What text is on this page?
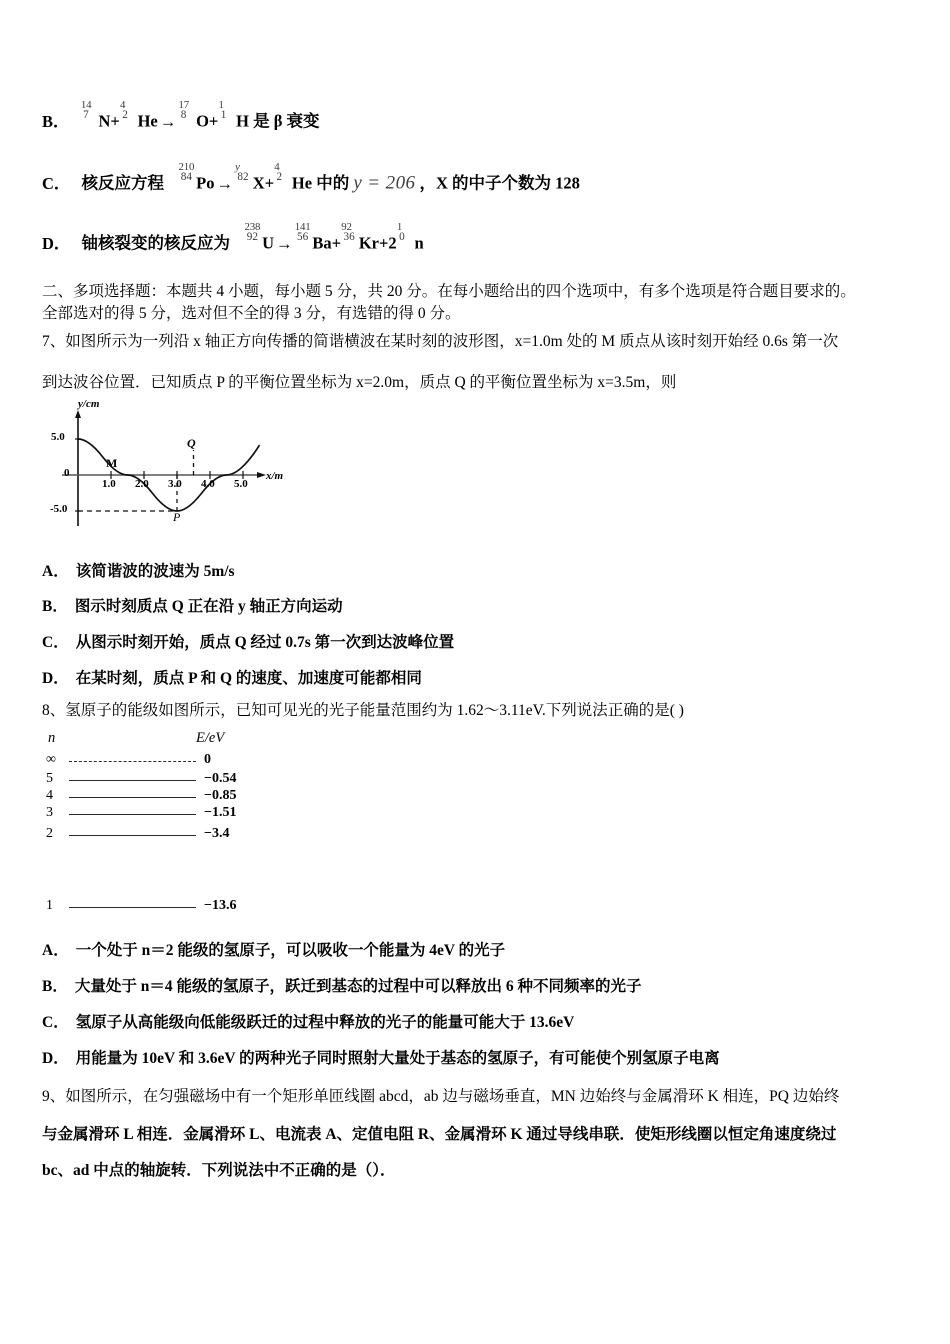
B．
14
7 N+
4
2 He →
17
8 O+
1
1 H 是 β 衰变
C． 核反应方程
210
84 Po →
y
82 X+
4
2 He 中的 y = 206 ，X 的中子个数为 128
D． 铀核裂变的核反应为
238
92 U →
141
56 Ba+
92
36 Kr+2
1
0 n
二、多项选择题：本题共 4 小题，每小题 5 分，共 20 分。在每小题给出的四个选项中，有多个选项是符合题目要求的。
全部选对的得 5 分，选对但不全的得 3 分，有选错的得 0 分。
7、如图所示为一列沿 x 轴正方向传播的简谐横波在某时刻的波形图，x=1.0m 处的 M 质点从该时刻开始经 0.6s 第一次
到达波谷位置．已知质点 P 的平衡位置坐标为 x=2.0m，质点 Q 的平衡位置坐标为 x=3.5m，则
y/cm
x/m
5.0
0
-5.0
1.0 2.0 3.0 4.0 5.0
M
P
Q
A． 该简谐波的波速为 5m/s
B． 图示时刻质点 Q 正在沿 y 轴正方向运动
C． 从图示时刻开始，质点 Q 经过 0.7s 第一次到达波峰位置
D． 在某时刻，质点 P 和 Q 的速度、加速度可能都相同
8、氢原子的能级如图所示，已知可见光的光子能量范围约为 1.62～3.11eV.下列说法正确的是( )
n	E/eV
∞	0
5	−0.54
4	−0.85
3	−1.51
2	−3.4
1	−13.6
A． 一个处于 n＝2 能级的氢原子，可以吸收一个能量为 4eV 的光子
B． 大量处于 n＝4 能级的氢原子，跃迁到基态的过程中可以释放出 6 种不同频率的光子
C． 氢原子从高能级向低能级跃迁的过程中释放的光子的能量可能大于 13.6eV
D． 用能量为 10eV 和 3.6eV 的两种光子同时照射大量处于基态的氢原子，有可能使个别氢原子电离
9、如图所示，在匀强磁场中有一个矩形单匝线圈 abcd，ab 边与磁场垂直，MN 边始终与金属滑环 K 相连，PQ 边始终
与金属滑环 L 相连．金属滑环 L、电流表 A、定值电阻 R、金属滑环 K 通过导线串联．使矩形线圈以恒定角速度绕过
bc、ad 中点的轴旋转．下列说法中不正确的是（）．
